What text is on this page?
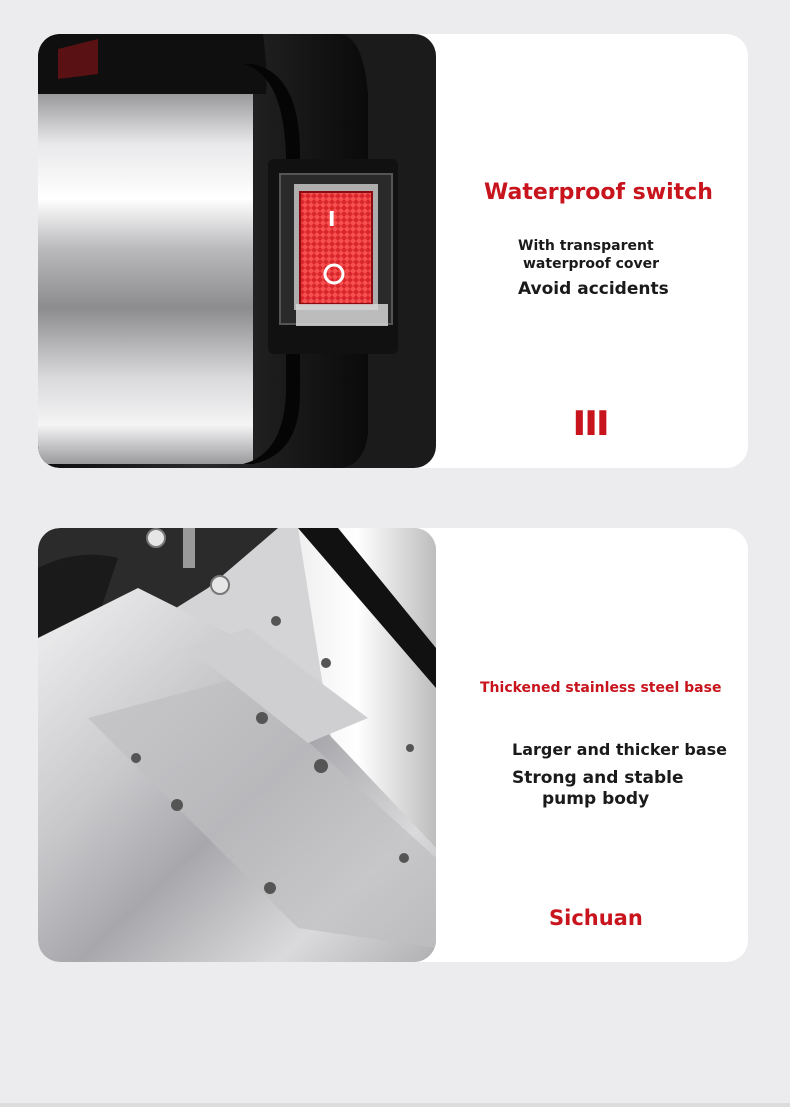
I
Waterproof switch
With transparent
waterproof cover
Avoid accidents
III
Thickened stainless steel base
Larger and thicker base
Strong and stable
pump body
Sichuan
